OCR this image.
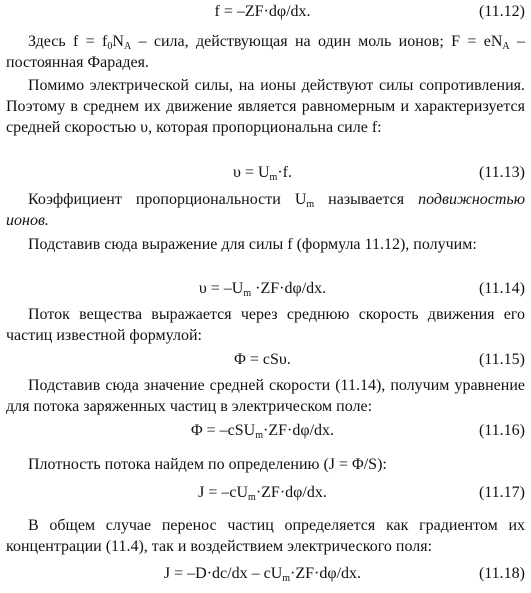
f = –ZF·dφ/dx.	(11.12)
Здесь $f = f_0N_A$ – сила, действующая на один моль ионов; $F = eN_A$ – постоянная Фарадея.
Помимо электрической силы, на ионы действуют силы сопротивления. Поэтому в среднем их движение является равномерным и характеризуется средней скоростью υ, которая пропорциональна силе f:
$\upsilon = U_m\cdot f$.	(11.13)
Коэффициент пропорциональности $U_m$ называется подвижностью ионов.
Подставив сюда выражение для силы f (формула 11.12), получим:
$\upsilon = -U_m \cdot ZF\cdot d\varphi/dx$.	(11.14)
Поток вещества выражается через среднюю скорость движения его частиц известной формулой:
Φ = cSυ.	(11.15)
Подставив сюда значение средней скорости (11.14), получим уравнение для потока заряженных частиц в электрическом поле:
Φ = –cSU$_m$·ZF·dφ/dx.	(11.16)
Плотность потока найдем по определению (J = Φ/S):
$J = -cU_m\cdot ZF\cdot d\varphi/dx$.	(11.17)
В общем случае перенос частиц определяется как градиентом их концентрации (11.4), так и воздействием электрического поля:
$J = -D\cdot dc/dx - cU_m\cdot ZF\cdot d\varphi/dx$.	(11.18)
